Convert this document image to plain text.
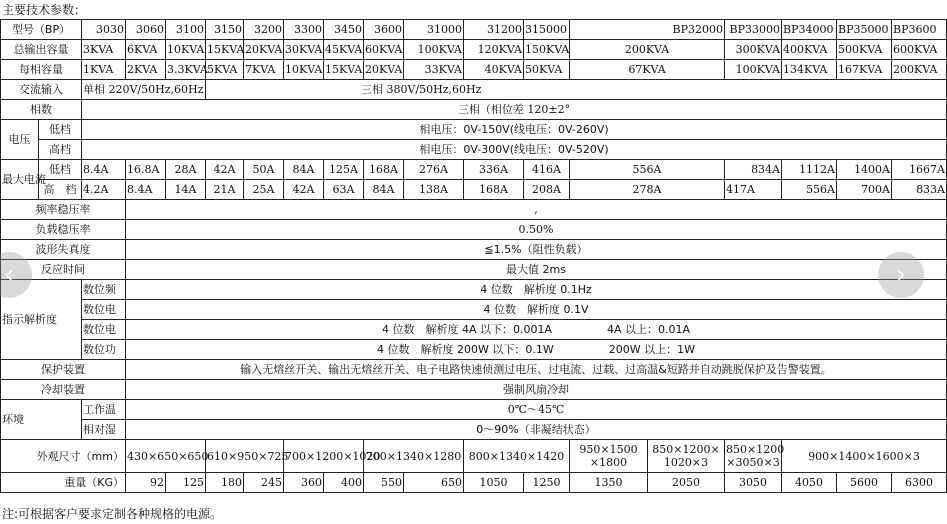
主要技术参数：
型号（BP）		3030	3060	3100	3150	3200	3300	3450	3600	31000	31200	315000	BP32000		BP33000	BP34000	BP35000	BP3600
总输出容量		3KVA	6KVA	10KVA	15KVA	20KVA	30KVA	45KVA	60KVA	100KVA	120KVA	150KVA	200KVA		300KVA	400KVA	500KVA	600KVA
每相容量		1KVA	2KVA	3.3KVA	5KVA	7KVA	10KVA	15KVA	20KVA	33KVA	40KVA	50KVA	67KVA		100KVA	134KVA	167KVA	200KVA
交流输入		单相 220V/50Hz,60Hz			三相 380V/50Hz,60Hz													
相数		三相（相位差 120±2°																
电压	低档	相电压：0V-150V(线电压：0V-260V)																
	高档	相电压：0V-300V(线电压：0V-520V)																
最大电流	低档	8.4A	16.8A	28A	42A	50A	84A	125A	168A	276A	336A	416A	556A		834A	1112A	1400A	1667A
	高　档	4.2A	8.4A	14A	21A	25A	42A	63A	84A	138A	168A	208A	278A		417A	556A	700A	833A
频率稳压率			,															
负载稳压率			0.50%															
波形失真度			≦1.5%（阻性负载）															
反应时间			最大值 2ms															
指示解析度		数位频	4 位数　解析度 0.1Hz															
		数位电	4 位数　解析度 0.1V															
		数位电	4 位数　解析度 4A 以下：0.001A 4A 以上：0.01A															
		数位功	4 位数　解析度 200W 以下：0.1W 200W 以上：1W															
保护装置			输入无熔丝开关、输出无熔丝开关、电子电路快速侦测过电压、过电流、过载、过高温&短路并自动跳脱保护及告警装置。															
冷却装置			强制风扇冷却															
环境		工作温	0℃～45℃															
		相对湿	0～90%（非凝结状态）															
外观尺寸（mm）			430×650×650		610×950×725		700×1200×1020		700×1340×1280		800×1340×1420		950×1500 ×1800	850×1200× 1020×3	850×1200 ×3050×3	900×1400×1600×3		
重量（KG）			92	125	180	245	360	400	550	650	1050	1250	1350	2050	3050	4050	5600	6300
注:可根据客户要求定制各种规格的电源。
‹	›
